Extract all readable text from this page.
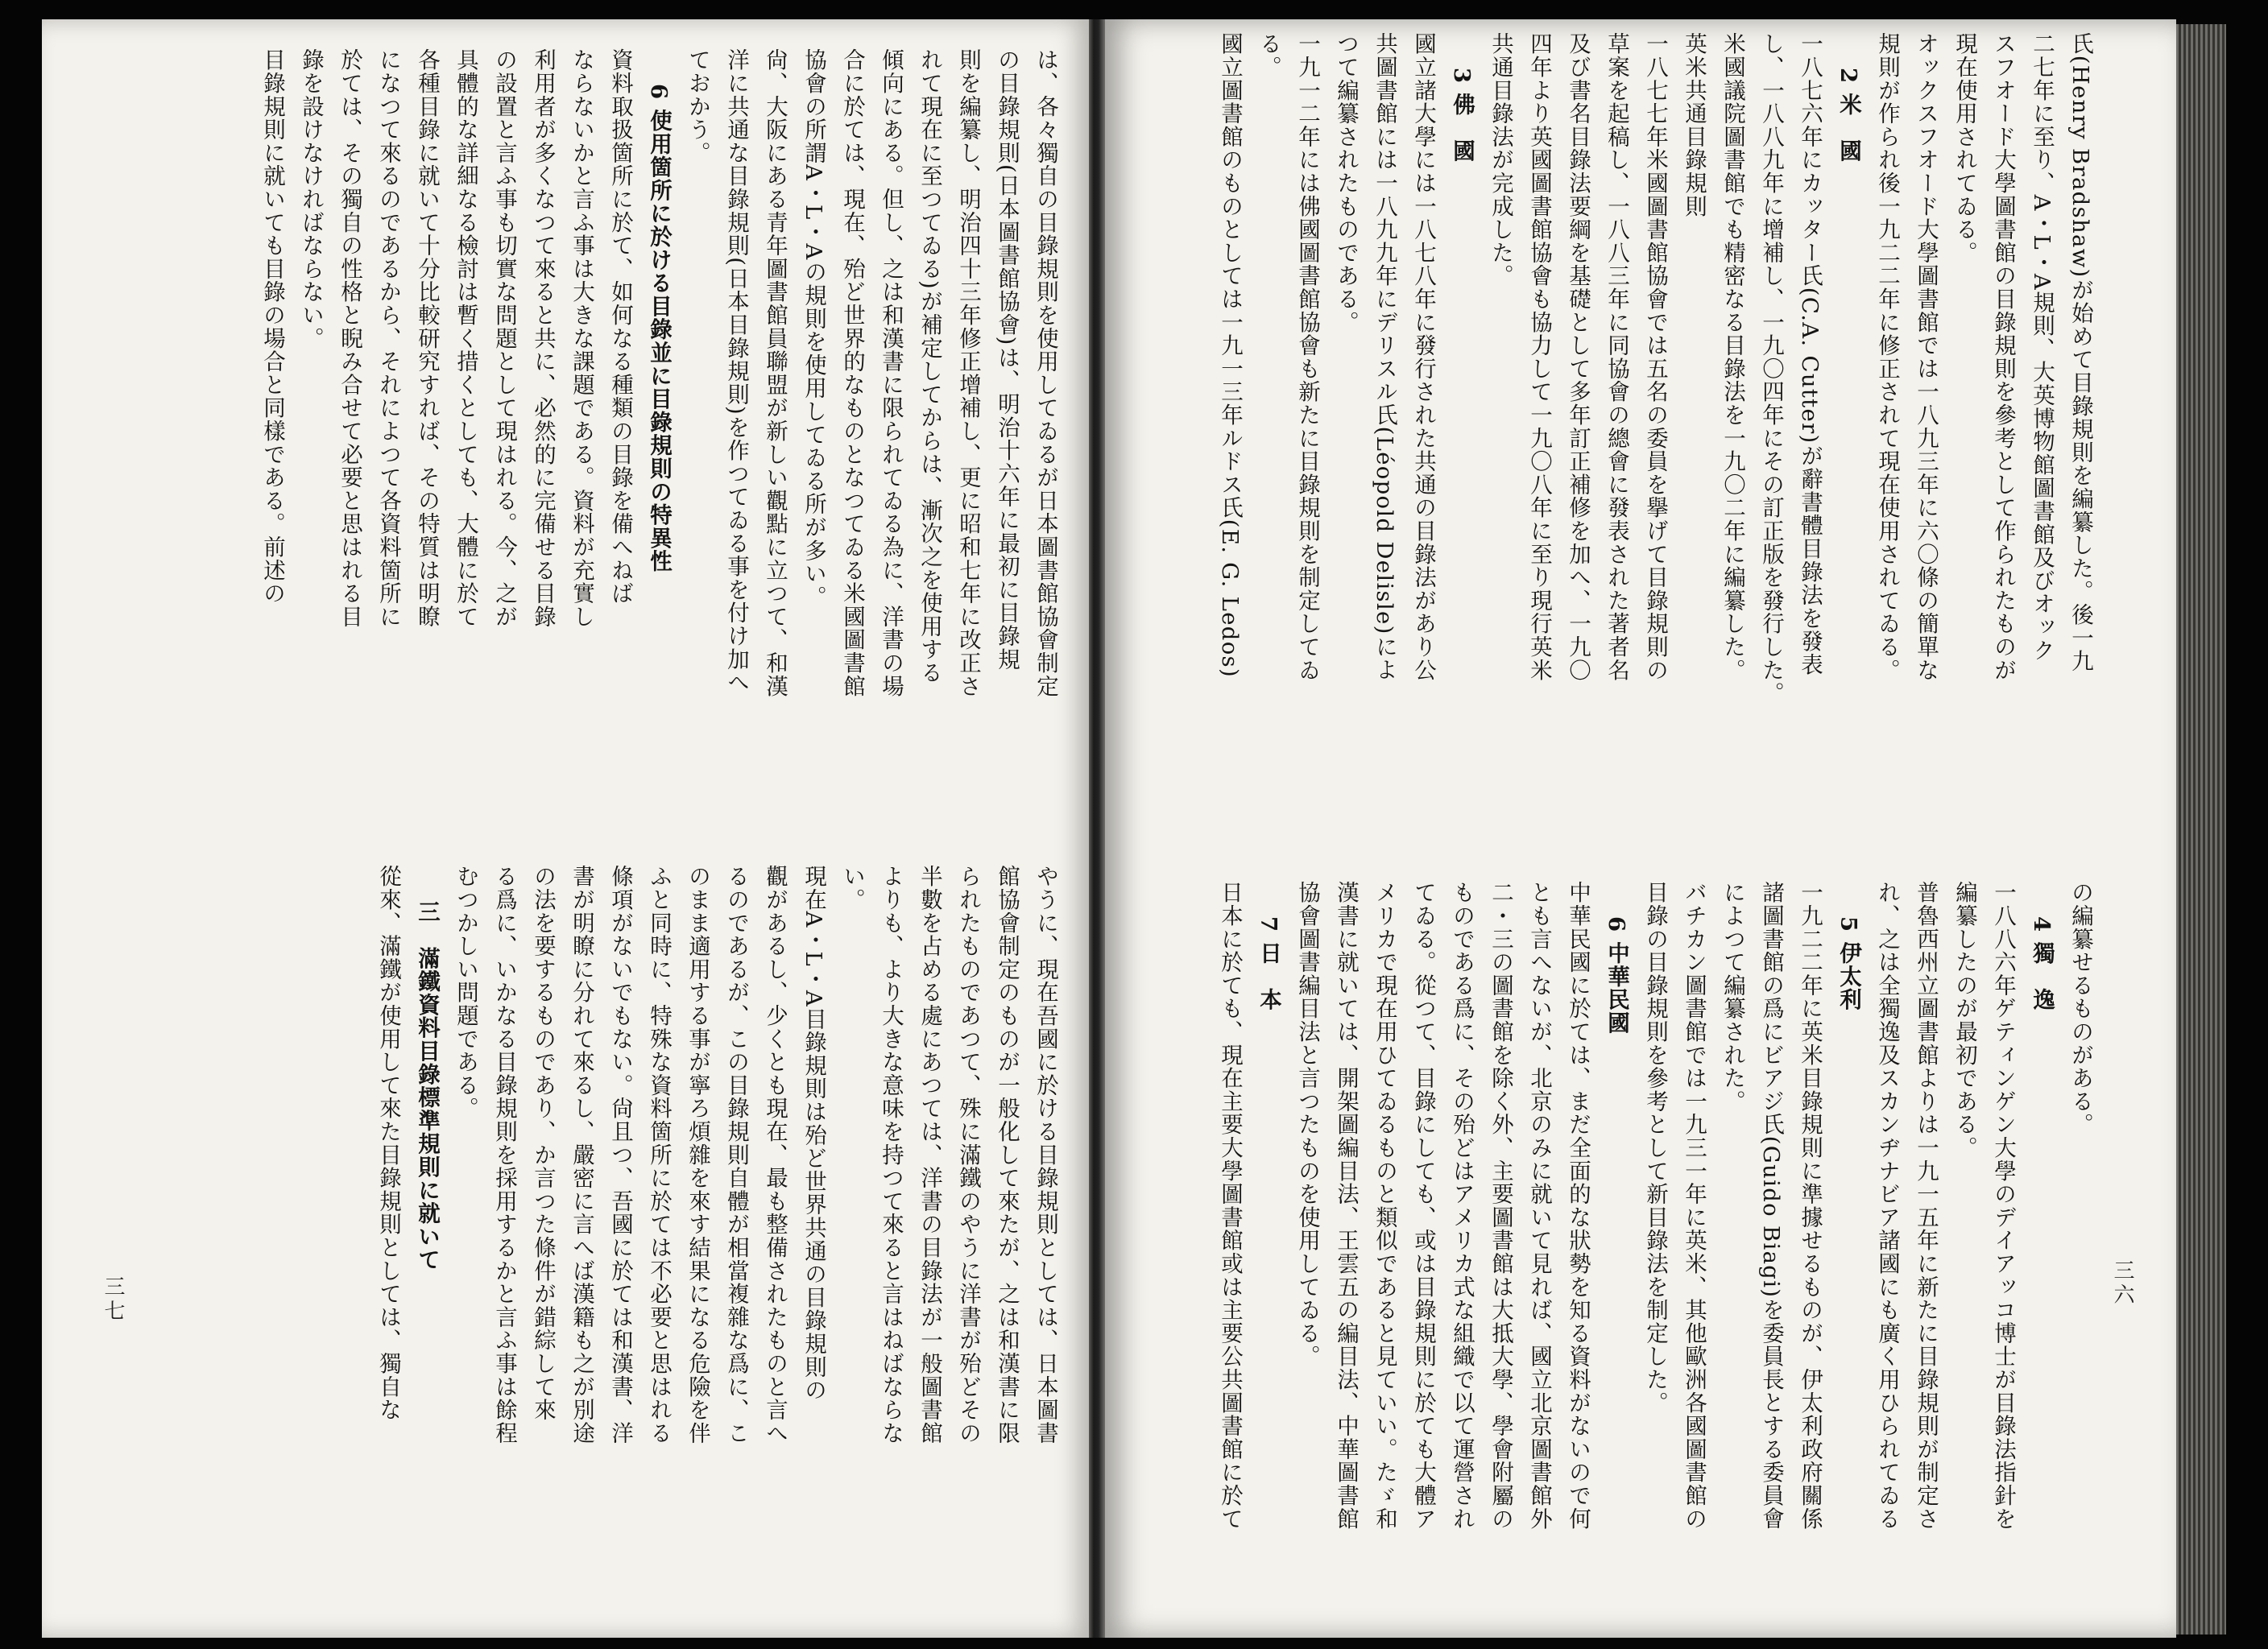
は、各々獨自の目錄規則を使用してゐるが日本圖書館協會制定

の目錄規則(日本圖書館協會)は、明治十六年に最初に目錄規

則を編纂し、明治四十三年修正增補し、更に昭和七年に改正さ

れて現在に至つてゐる)が補定してからは、漸次之を使用する

傾向にある。但し、之は和漢書に限られてゐる為に、洋書の場

合に於ては、現在、殆ど世界的なものとなつてゐる米國圖書館

協會の所謂A・L・Aの規則を使用してゐる所が多い。

尙、大阪にある青年圖書館員聯盟が新しい觀點に立つて、和漢

洋に共通な目錄規則(日本目錄規則)を作つてゐる事を付け加へ

ておかう。

6 使用箇所に於ける目錄並に目錄規則の特異性

資料取扱箇所に於て、如何なる種類の目錄を備へねば

ならないかと言ふ事は大きな課題である。資料が充實し

利用者が多くなつて來ると共に、必然的に完備せる目錄

の設置と言ふ事も切實な問題として現はれる。今、之が

具體的な詳細なる檢討は暫く措くとしても、大體に於て

各種目錄に就いて十分比較研究すれば、その特質は明瞭

になつて來るのであるから、それによつて各資料箇所に

於ては、その獨自の性格と睨み合せて必要と思はれる目

錄を設けなければならない。

目錄規則に就いても目錄の場合と同樣である。前述の

やうに、現在吾國に於ける目錄規則としては、日本圖書

館協會制定のものが一般化して來たが、之は和漢書に限

られたものであつて、殊に滿鐵のやうに洋書が殆どその

半數を占める處にあつては、洋書の目錄法が一般圖書館

よりも、より大きな意味を持つて來ると言はねばならな

い。

現在A・L・A目錄規則は殆ど世界共通の目錄規則の

觀があるし、少くとも現在、最も整備されたものと言へ

るのであるが、この目錄規則自體が相當複雜な爲に、こ

のまま適用する事が寧ろ煩雜を來す結果になる危險を伴

ふと同時に、特殊な資料箇所に於ては不必要と思はれる

條項がないでもない。尙且つ、吾國に於ては和漢書、洋

書が明瞭に分れて來るし、嚴密に言へば漢籍も之が別途

の法を要するものであり、か言つた條件が錯綜して來

る爲に、いかなる目錄規則を採用するかと言ふ事は餘程

むつかしい問題である。

三　滿鐵資料目錄標準規則に就いて

從來、滿鐵が使用して來た目錄規則としては、獨自な

三七

氏(Henry Bradshaw)が始めて目錄規則を編纂した。後一九

二七年に至り、A・L・A規則、大英博物館圖書館及びオック

スフオード大學圖書館の目錄規則を參考として作られたものが

現在使用されてゐる。

オックスフオード大學圖書館では一八九三年に六〇條の簡單な

規則が作られ後一九二二年に修正されて現在使用されてゐる。

2 米　國

一八七六年にカッター氏(C.A. Cutter)が辭書體目錄法を發表

し、一八八九年に增補し、一九〇四年にその訂正版を發行した。

米國議院圖書館でも精密なる目錄法を一九〇二年に編纂した。

英米共通目錄規則

一八七七年米國圖書館協會では五名の委員を擧げて目錄規則の

草案を起稿し、一八八三年に同協會の總會に發表された著者名

及び書名目錄法要綱を基礎として多年訂正補修を加へ、一九〇

四年より英國圖書館協會も協力して一九〇八年に至り現行英米

共通目錄法が完成した。

3 佛　國

國立諸大學には一八七八年に發行された共通の目錄法があり公

共圖書館には一八九九年にデリスル氏(Léopold Delisle)によ

つて編纂されたものである。

一九一二年には佛國圖書館協會も新たに目錄規則を制定してゐ

る。

國立圖書館のものとしては一九一三年ルドス氏(E. G. Ledos)

の編纂せるものがある。

4 獨　逸

一八八六年ゲティンゲン大學のデイアッコ博士が目錄法指針を

編纂したのが最初である。

普魯西州立圖書館よりは一九一五年に新たに目錄規則が制定さ

れ、之は全獨逸及スカンヂナビア諸國にも廣く用ひられてゐる

5 伊太利

一九二二年に英米目錄規則に準據せるものが、伊太利政府關係

諸圖書館の爲にビアジ氏(Guido Biagi)を委員長とする委員會

によつて編纂された。

バチカン圖書館では一九三一年に英米、其他歐洲各國圖書館の

目錄の目錄規則を參考として新目錄法を制定した。

6 中華民國

中華民國に於ては、まだ全面的な狀勢を知る資料がないので何

とも言へないが、北京のみに就いて見れば、國立北京圖書館外

二・三の圖書館を除く外、主要圖書館は大抵大學、學會附屬の

ものである爲に、その殆どはアメリカ式な組織で以て運營され

てゐる。從つて、目錄にしても、或は目錄規則に於ても大體ア

メリカで現在用ひてゐるものと類似であると見ていい。たゞ和

漢書に就いては、開架圖編目法、王雲五の編目法、中華圖書館

協會圖書編目法と言つたものを使用してゐる。

7 日　本

日本に於ても、現在主要大學圖書館或は主要公共圖書館に於て	三六
